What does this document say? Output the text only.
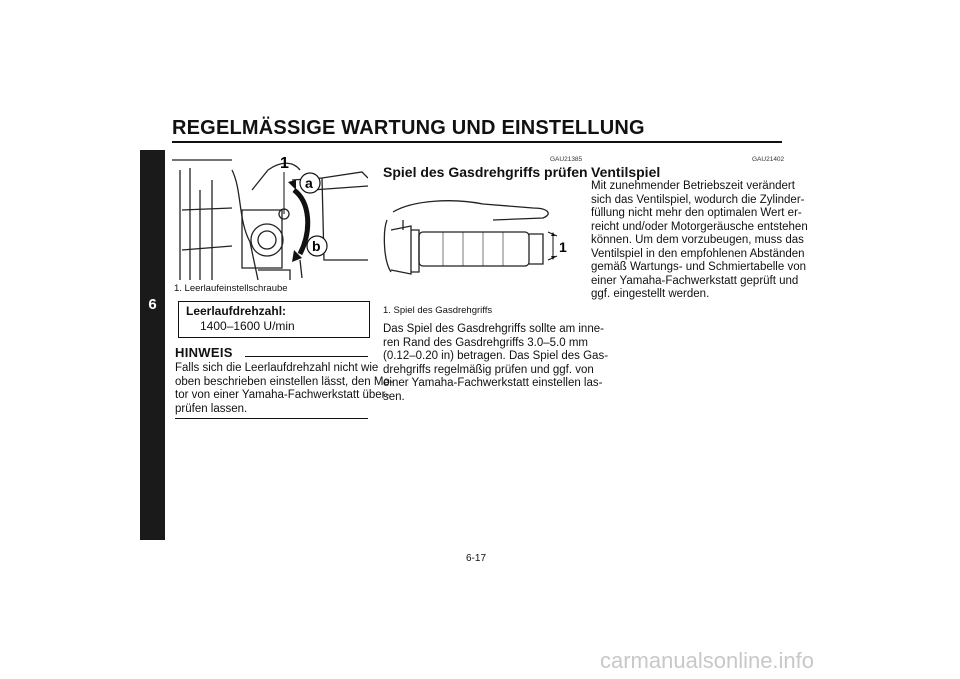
REGELMÄSSIGE WARTUNG UND EINSTELLUNG
6
1
a
b
1. Leerlaufeinstellschraube
Leerlaufdrehzahl:
1400–1600 U/min
HINWEIS
Falls sich die Leerlaufdrehzahl nicht wie
oben beschrieben einstellen lässt, den Mo-
tor von einer Yamaha-Fachwerkstatt über-
prüfen lassen.
GAU21385
Spiel des Gasdrehgriffs prüfen
1
1. Spiel des Gasdrehgriffs
Das Spiel des Gasdrehgriffs sollte am inne-
ren Rand des Gasdrehgriffs 3.0–5.0 mm
(0.12–0.20 in) betragen. Das Spiel des Gas-
drehgriffs regelmäßig prüfen und ggf. von
einer Yamaha-Fachwerkstatt einstellen las-
sen.
GAU21402
Ventilspiel
Mit zunehmender Betriebszeit verändert
sich das Ventilspiel, wodurch die Zylinder-
füllung nicht mehr den optimalen Wert er-
reicht und/oder Motorgeräusche entstehen
können. Um dem vorzubeugen, muss das
Ventilspiel in den empfohlenen Abständen
gemäß Wartungs- und Schmiertabelle von
einer Yamaha-Fachwerkstatt geprüft und
ggf. eingestellt werden.
6-17
carmanualsonline.info
